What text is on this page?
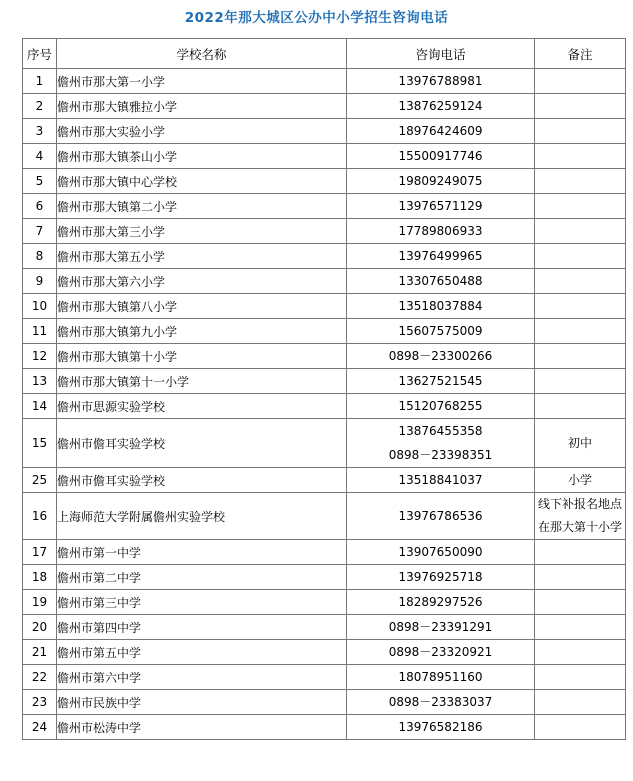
2022年那大城区公办中小学招生咨询电话
序号	学校名称	咨询电话	备注
1	儋州市那大第一小学	13976788981	

2	儋州市那大镇雅拉小学	13876259124	

3	儋州市那大实验小学	18976424609	

4	儋州市那大镇茶山小学	15500917746	

5	儋州市那大镇中心学校	19809249075	

6	儋州市那大镇第二小学	13976571129	

7	儋州市那大第三小学	17789806933	

8	儋州市那大第五小学	13976499965	

9	儋州市那大第六小学	13307650488	

10	儋州市那大镇第八小学	13518037884	

11	儋州市那大镇第九小学	15607575009	

12	儋州市那大镇第十小学	0898－23300266	

13	儋州市那大镇第十一小学	13627521545	

14	儋州市思源实验学校	15120768255	

15	儋州市儋耳实验学校	13876455358
0898－23398351	初中

25	儋州市儋耳实验学校	13518841037	小学

16	上海师范大学附属儋州实验学校	13976786536	线下补报名地点在那大第十小学

17	儋州市第一中学	13907650090	

18	儋州市第二中学	13976925718	

19	儋州市第三中学	18289297526	

20	儋州市第四中学	0898－23391291	

21	儋州市第五中学	0898－23320921	

22	儋州市第六中学	18078951160	

23	儋州市民族中学	0898－23383037	

24	儋州市松涛中学	13976582186	
